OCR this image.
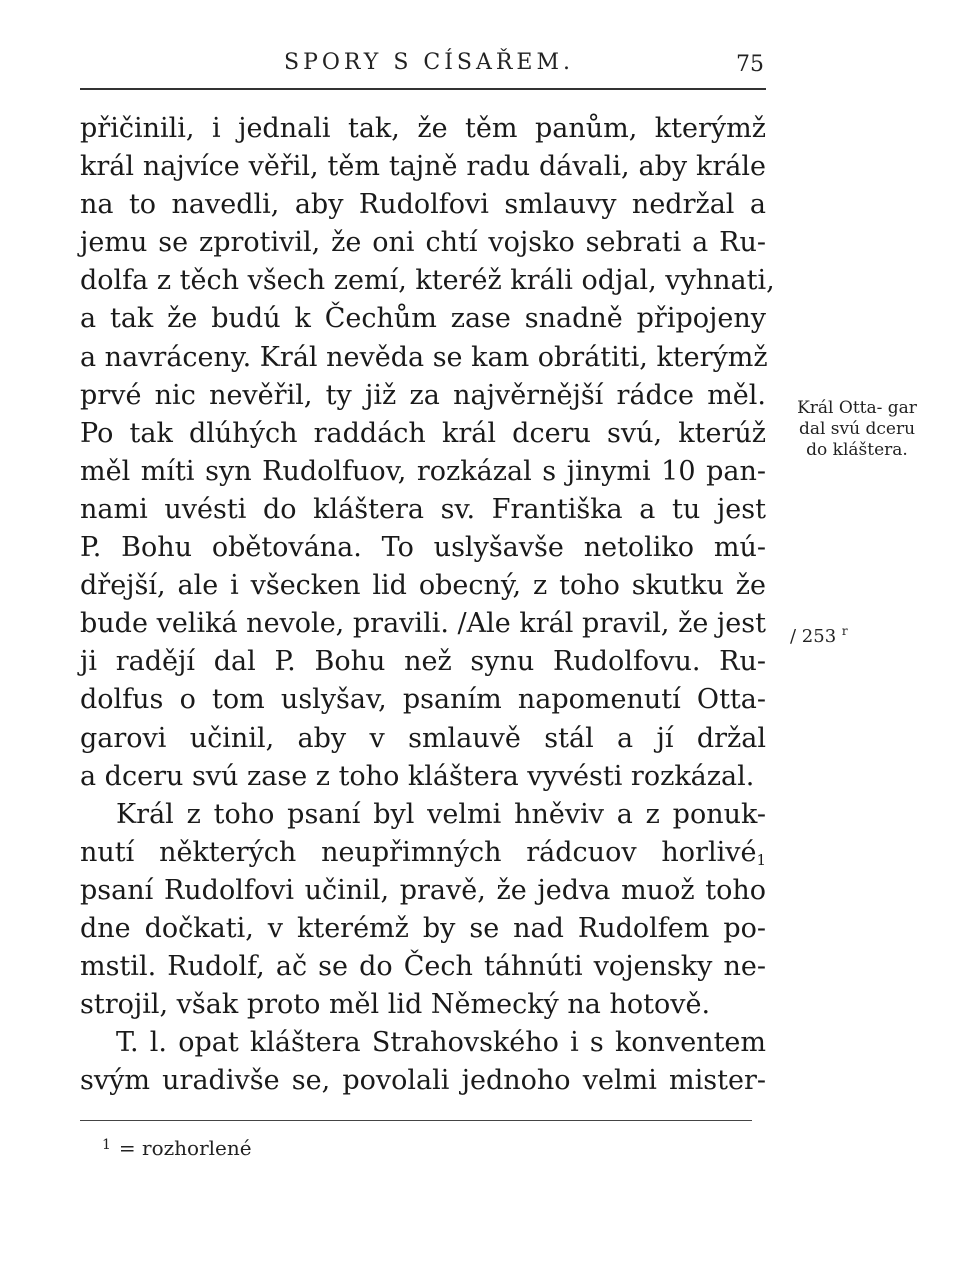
SPORY S CÍSAŘEM.	75
přičinili, i jednali tak, že těm panům, kterýmž
král najvíce věřil, těm tajně radu dávali, aby krále
na to navedli, aby Rudolfovi smlauvy nedržal a
jemu se zprotivil, že oni chtí vojsko sebrati a Ru-
dolfa z těch všech zemí, kteréž králi odjal, vyhnati,
a tak že budú k Čechům zase snadně připojeny
a navráceny. Král nevěda se kam obrátiti, kterýmž
prvé nic nevěřil, ty již za najvěrnější rádce měl.
Po tak dlúhých raddách král dceru svú, kterúž
měl míti syn Rudolfuov, rozkázal s jinymi 10 pan-
nami uvésti do kláštera sv. Františka a tu jest
P. Bohu obětována. To uslyšavše netoliko mú-
dřejší, ale i všecken lid obecný, z toho skutku že
bude veliká nevole, pravili. /Ale král pravil, že jest
ji radějí dal P. Bohu než synu Rudolfovu. Ru-
dolfus o tom uslyšav, psaním napomenutí Otta-
garovi učinil, aby v smlauvě stál a jí držal
a dceru svú zase z toho kláštera vyvésti rozkázal.
Král z toho psaní byl velmi hněviv a z ponuk-
nutí některých neupřimných rádcuov horlivé$_1$
psaní Rudolfovi učinil, pravě, že jedva muož toho
dne dočkati, v kterémž by se nad Rudolfem po-
mstil. Rudolf, ač se do Čech táhnúti vojensky ne-
strojil, však proto měl lid Německý na hotově.
T. l. opat kláštera Strahovského i s konventem
svým uradivše se, povolali jednoho velmi mister-
Král Otta- gar dal svú dceru do kláštera.
/ 253 $^r$
$^1$ = rozhorlené
